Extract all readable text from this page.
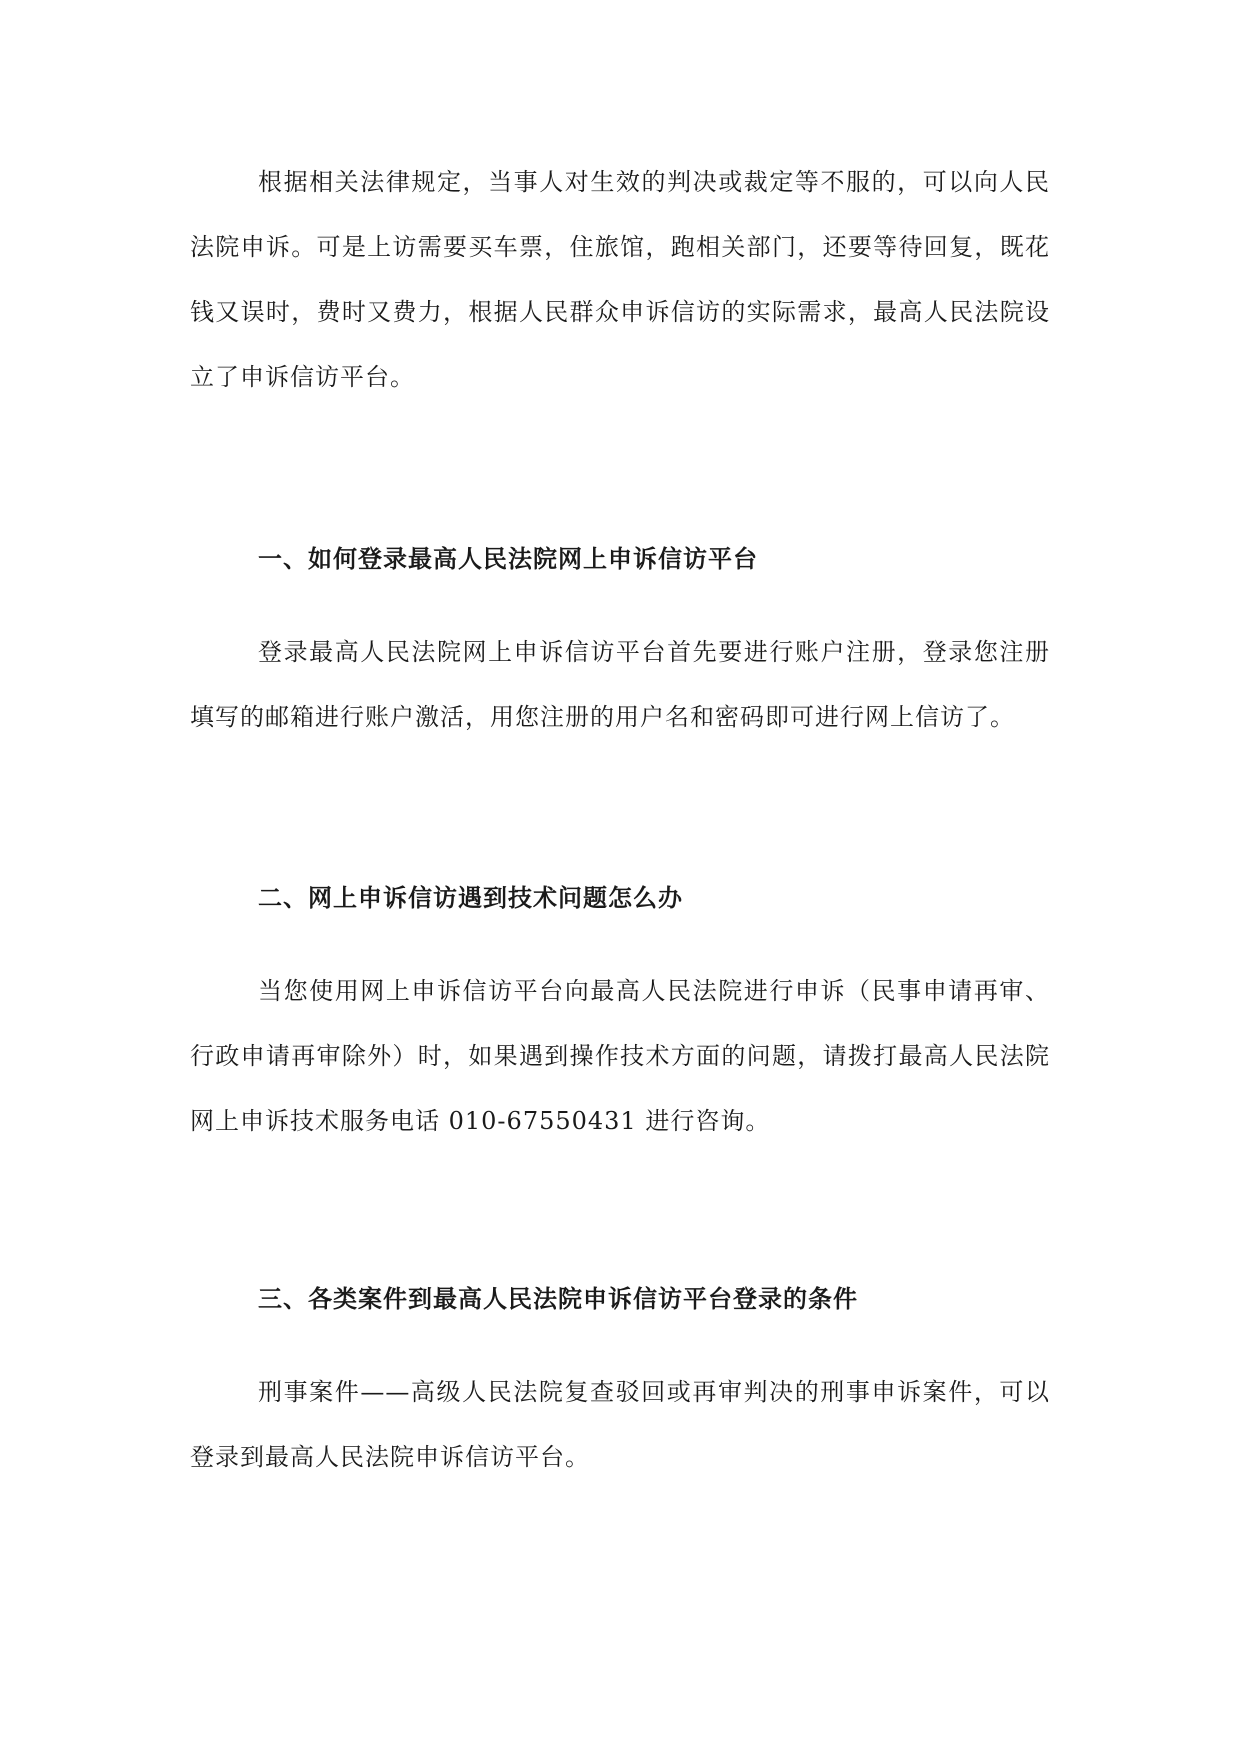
根据相关法律规定，当事人对生效的判决或裁定等不服的，可以向人民法院申诉。可是上访需要买车票，住旅馆，跑相关部门，还要等待回复，既花钱又误时，费时又费力，根据人民群众申诉信访的实际需求，最高人民法院设立了申诉信访平台。

一、如何登录最高人民法院网上申诉信访平台

登录最高人民法院网上申诉信访平台首先要进行账户注册，登录您注册填写的邮箱进行账户激活，用您注册的用户名和密码即可进行网上信访了。

二、网上申诉信访遇到技术问题怎么办

当您使用网上申诉信访平台向最高人民法院进行申诉（民事申请再审、行政申请再审除外）时，如果遇到操作技术方面的问题，请拨打最高人民法院网上申诉技术服务电话 010-67550431 进行咨询。

三、各类案件到最高人民法院申诉信访平台登录的条件

刑事案件——高级人民法院复查驳回或再审判决的刑事申诉案件，可以登录到最高人民法院申诉信访平台。
